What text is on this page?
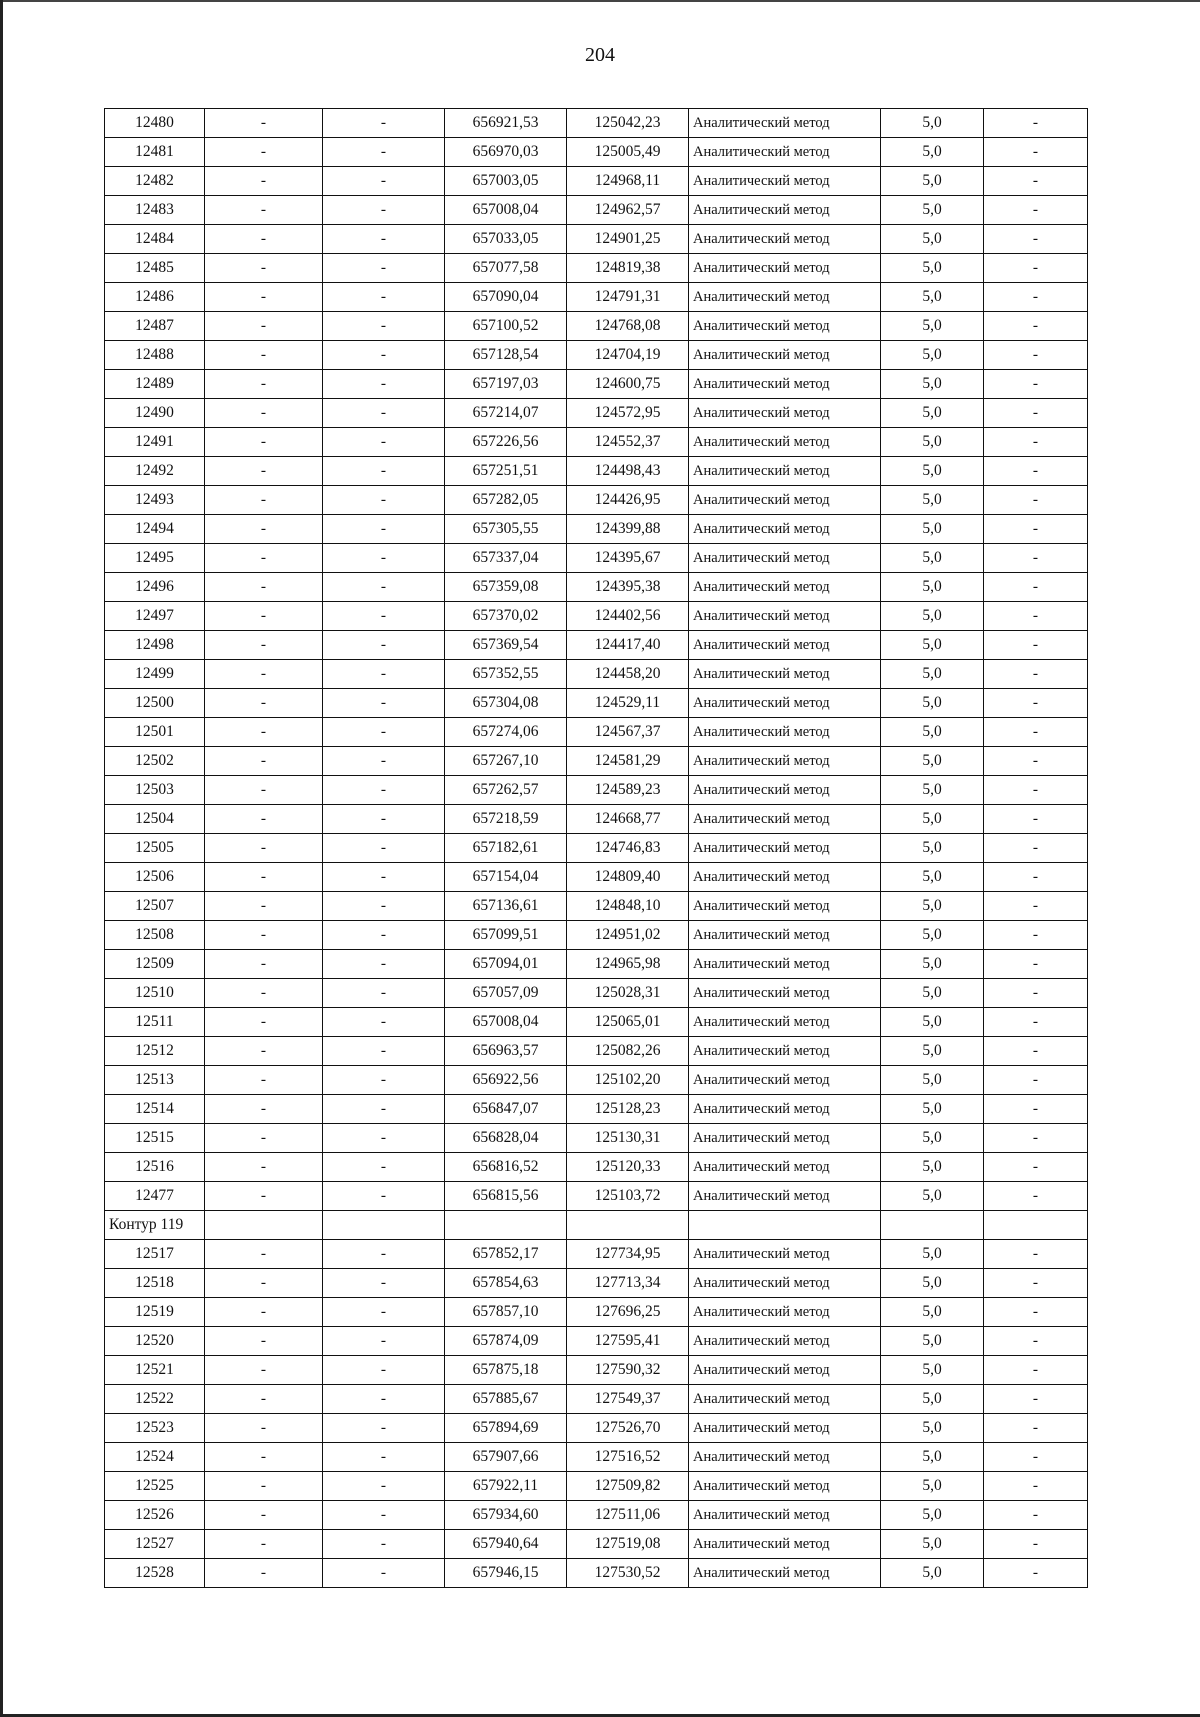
204
12480	-	-	656921,53	125042,23	Аналитический метод	5,0	-
12481	-	-	656970,03	125005,49	Аналитический метод	5,0	-
12482	-	-	657003,05	124968,11	Аналитический метод	5,0	-
12483	-	-	657008,04	124962,57	Аналитический метод	5,0	-
12484	-	-	657033,05	124901,25	Аналитический метод	5,0	-
12485	-	-	657077,58	124819,38	Аналитический метод	5,0	-
12486	-	-	657090,04	124791,31	Аналитический метод	5,0	-
12487	-	-	657100,52	124768,08	Аналитический метод	5,0	-
12488	-	-	657128,54	124704,19	Аналитический метод	5,0	-
12489	-	-	657197,03	124600,75	Аналитический метод	5,0	-
12490	-	-	657214,07	124572,95	Аналитический метод	5,0	-
12491	-	-	657226,56	124552,37	Аналитический метод	5,0	-
12492	-	-	657251,51	124498,43	Аналитический метод	5,0	-
12493	-	-	657282,05	124426,95	Аналитический метод	5,0	-
12494	-	-	657305,55	124399,88	Аналитический метод	5,0	-
12495	-	-	657337,04	124395,67	Аналитический метод	5,0	-
12496	-	-	657359,08	124395,38	Аналитический метод	5,0	-
12497	-	-	657370,02	124402,56	Аналитический метод	5,0	-
12498	-	-	657369,54	124417,40	Аналитический метод	5,0	-
12499	-	-	657352,55	124458,20	Аналитический метод	5,0	-
12500	-	-	657304,08	124529,11	Аналитический метод	5,0	-
12501	-	-	657274,06	124567,37	Аналитический метод	5,0	-
12502	-	-	657267,10	124581,29	Аналитический метод	5,0	-
12503	-	-	657262,57	124589,23	Аналитический метод	5,0	-
12504	-	-	657218,59	124668,77	Аналитический метод	5,0	-
12505	-	-	657182,61	124746,83	Аналитический метод	5,0	-
12506	-	-	657154,04	124809,40	Аналитический метод	5,0	-
12507	-	-	657136,61	124848,10	Аналитический метод	5,0	-
12508	-	-	657099,51	124951,02	Аналитический метод	5,0	-
12509	-	-	657094,01	124965,98	Аналитический метод	5,0	-
12510	-	-	657057,09	125028,31	Аналитический метод	5,0	-
12511	-	-	657008,04	125065,01	Аналитический метод	5,0	-
12512	-	-	656963,57	125082,26	Аналитический метод	5,0	-
12513	-	-	656922,56	125102,20	Аналитический метод	5,0	-
12514	-	-	656847,07	125128,23	Аналитический метод	5,0	-
12515	-	-	656828,04	125130,31	Аналитический метод	5,0	-
12516	-	-	656816,52	125120,33	Аналитический метод	5,0	-
12477	-	-	656815,56	125103,72	Аналитический метод	5,0	-
Контур 119							
12517	-	-	657852,17	127734,95	Аналитический метод	5,0	-
12518	-	-	657854,63	127713,34	Аналитический метод	5,0	-
12519	-	-	657857,10	127696,25	Аналитический метод	5,0	-
12520	-	-	657874,09	127595,41	Аналитический метод	5,0	-
12521	-	-	657875,18	127590,32	Аналитический метод	5,0	-
12522	-	-	657885,67	127549,37	Аналитический метод	5,0	-
12523	-	-	657894,69	127526,70	Аналитический метод	5,0	-
12524	-	-	657907,66	127516,52	Аналитический метод	5,0	-
12525	-	-	657922,11	127509,82	Аналитический метод	5,0	-
12526	-	-	657934,60	127511,06	Аналитический метод	5,0	-
12527	-	-	657940,64	127519,08	Аналитический метод	5,0	-
12528	-	-	657946,15	127530,52	Аналитический метод	5,0	-
